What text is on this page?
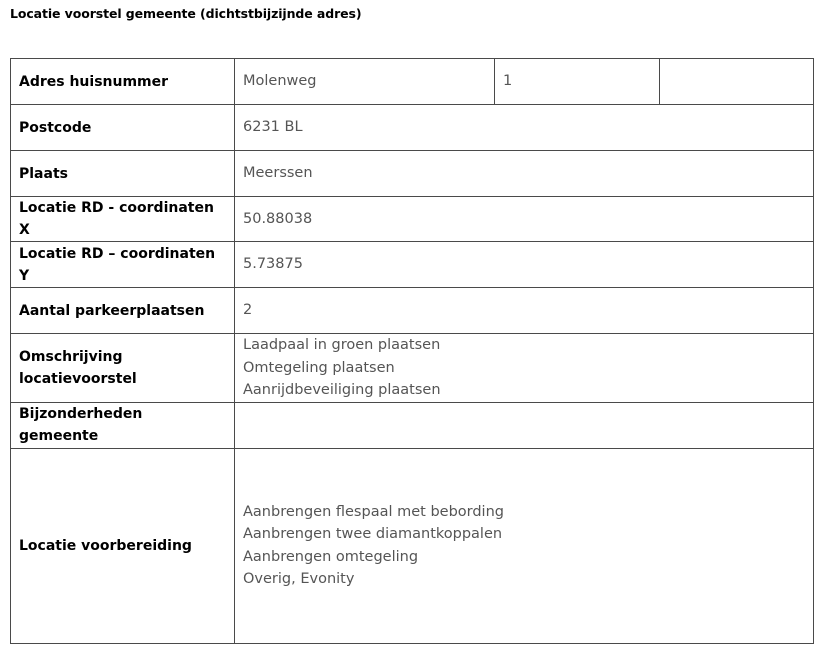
Locatie voorstel gemeente (dichtstbijzijnde adres)
Adres huisnummer	Molenweg	1	
Postcode	6231 BL		
Plaats	Meerssen		
Locatie RD - coordinaten X	50.88038		
Locatie RD – coordinaten Y	5.73875		
Aantal parkeerplaatsen	2		

Omschrijving
locatievoorstel	Laadpaal in groen plaatsen
Omtegeling plaatsen
Aanrijdbeveiliging plaatsen		

Bijzonderheden gemeente			
Locatie voorbereiding	Aanbrengen flespaal met bebording
Aanbrengen twee diamantkoppalen
Aanbrengen omtegeling
Overig, Evonity		
